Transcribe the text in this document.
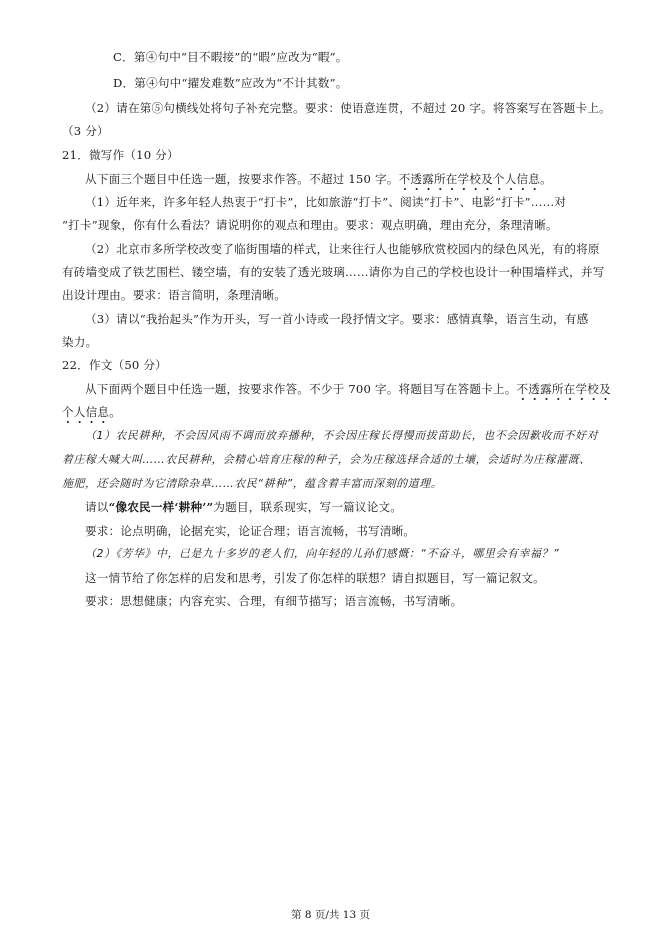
C．第④句中“目不暇接”的“暇”应改为“睱”。
D．第④句中“擢发难数”应改为“不计其数”。
（2）请在第⑤句横线处将句子补充完整。要求：使语意连贯，不超过 20 字。将答案写在答题卡上。
（3 分）
21．微写作（10 分）
从下面三个题目中任选一题，按要求作答。不超过 150 字。不透露所在学校及个人信息。
（1）近年来，许多年轻人热衷于“打卡”，比如旅游“打卡”、阅读“打卡”、电影“打卡”……对
“打卡”现象，你有什么看法？请说明你的观点和理由。要求：观点明确，理由充分，条理清晰。
（2）北京市多所学校改变了临街围墙的样式，让来往行人也能够欣赏校园内的绿色风光，有的将原
有砖墙变成了铁艺围栏、镂空墙，有的安装了透光玻璃……请你为自己的学校也设计一种围墙样式，并写
出设计理由。要求：语言简明，条理清晰。
（3）请以“我抬起头”作为开头，写一首小诗或一段抒情文字。要求：感情真挚，语言生动，有感
染力。
22．作文（50 分）
从下面两个题目中任选一题，按要求作答。不少于 700 字。将题目写在答题卡上。不透露所在学校及
个人信息。
（1）农民耕种，不会因风雨不调而放弃播种，不会因庄稼长得慢而拔苗助长，也不会因歉收而不好对
着庄稼大喊大叫……农民耕种，会精心培育庄稼的种子，会为庄稼选择合适的土壤，会适时为庄稼灌溉、
施肥，还会随时为它清除杂草……农民“耕种”，蕴含着丰富而深刻的道理。
请以“像农民一样‘耕种’”为题目，联系现实，写一篇议论文。
要求：论点明确，论据充实，论证合理；语言流畅，书写清晰。
（2）《芳华》中，已是九十多岁的老人们，向年轻的儿孙们感慨：“不奋斗，哪里会有幸福？”
这一情节给了你怎样的启发和思考，引发了你怎样的联想？请自拟题目，写一篇记叙文。
要求：思想健康；内容充实、合理，有细节描写；语言流畅，书写清晰。
第 8 页/共 13 页
